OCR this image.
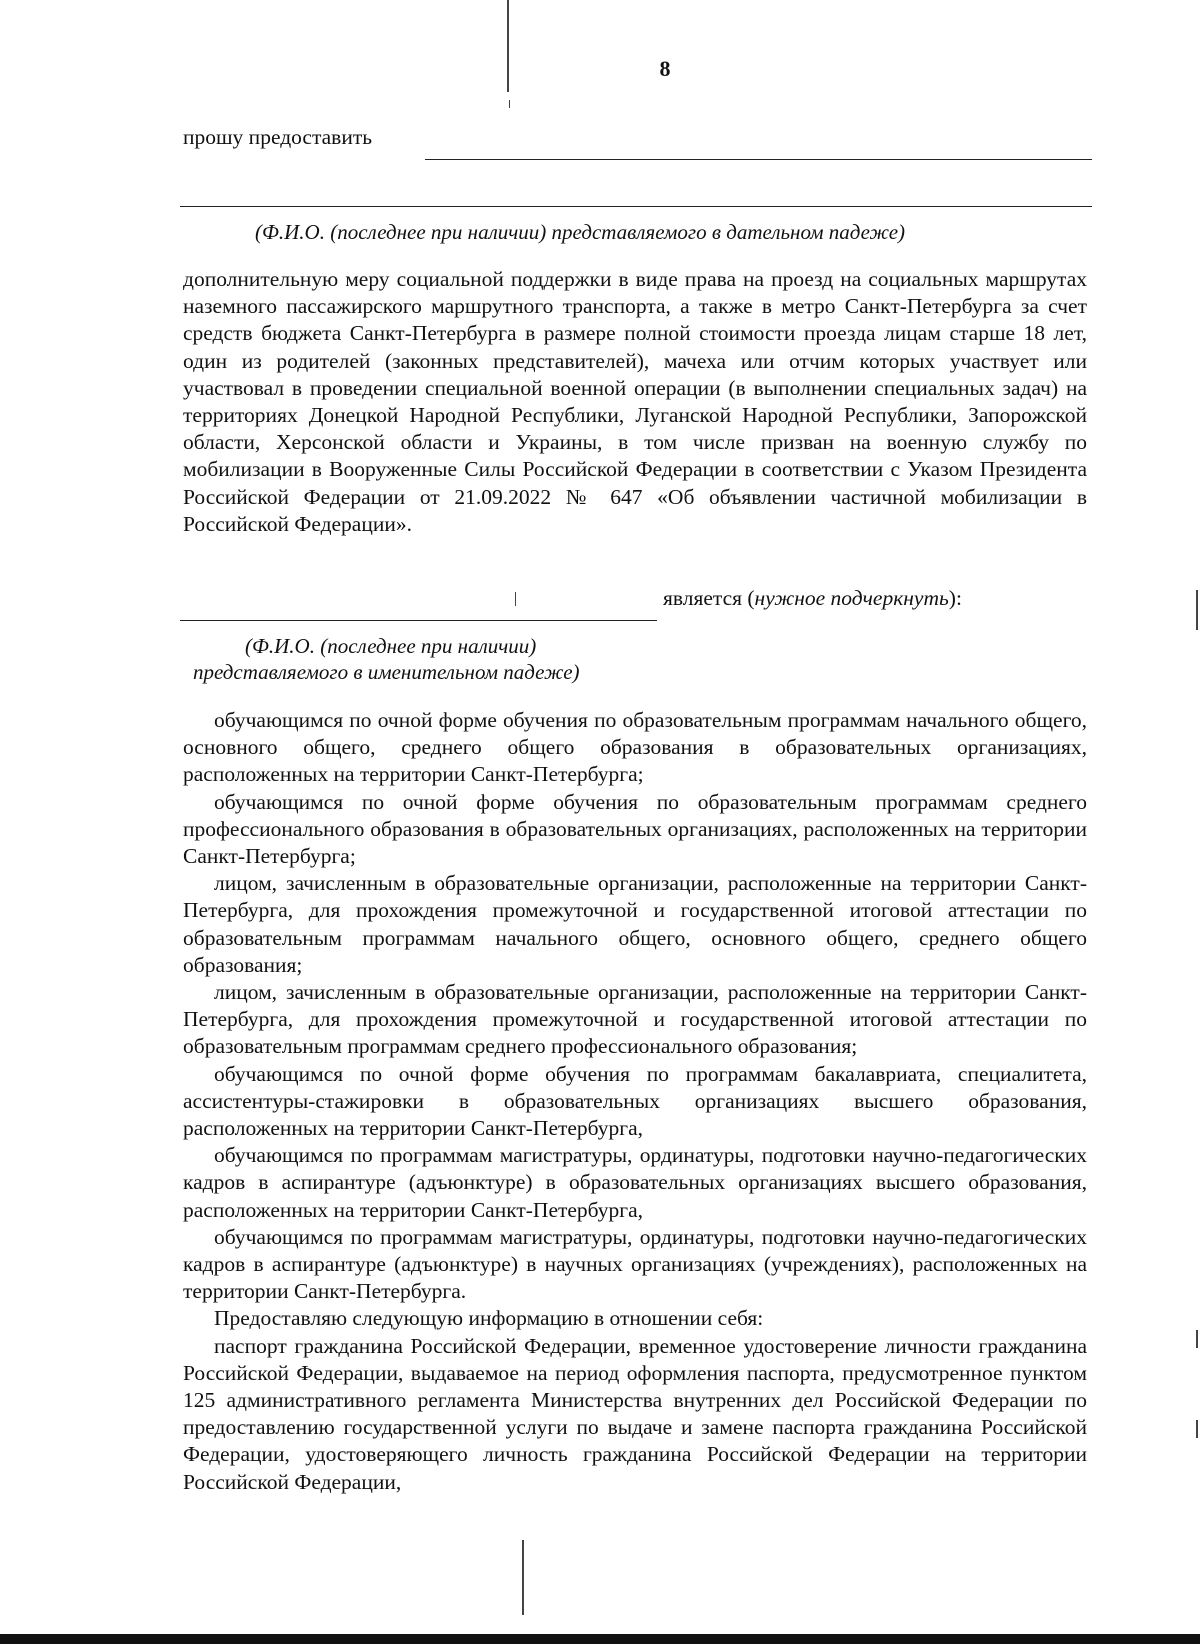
8
прошу предоставить
(Ф.И.О. (последнее при наличии) представляемого в дательном падеже)

дополнительную меру социальной поддержки в виде права на проезд на социальных маршрутах наземного пассажирского маршрутного транспорта, а также в метро Санкт-Петербурга за счет средств бюджета Санкт-Петербурга в размере полной стоимости проезда лицам старше 18 лет, один из родителей (законных представителей), мачеха или отчим которых участвует или участвовал в проведении специальной военной операции (в выполнении специальных задач) на территориях Донецкой Народной Республики, Луганской Народной Республики, Запорожской области, Херсонской области и Украины, в том числе призван на военную службу по мобилизации в Вооруженные Силы Российской Федерации в соответствии с Указом Президента Российской Федерации от 21.09.2022 № 647 «Об объявлении частичной мобилизации в Российской Федерации».

является (нужное подчеркнуть):
(Ф.И.О. (последнее при наличии)
представляемого в именительном падеже)

обучающимся по очной форме обучения по образовательным программам начального общего, основного общего, среднего общего образования в образовательных организациях, расположенных на территории Санкт-Петербурга;

обучающимся по очной форме обучения по образовательным программам среднего профессионального образования в образовательных организациях, расположенных на территории Санкт-Петербурга;

лицом, зачисленным в образовательные организации, расположенные на территории Санкт-Петербурга, для прохождения промежуточной и государственной итоговой аттестации по образовательным программам начального общего, основного общего, среднего общего образования;

лицом, зачисленным в образовательные организации, расположенные на территории Санкт-Петербурга, для прохождения промежуточной и государственной итоговой аттестации по образовательным программам среднего профессионального образования;

обучающимся по очной форме обучения по программам бакалавриата, специалитета, ассистентуры-стажировки в образовательных организациях высшего образования, расположенных на территории Санкт-Петербурга,

обучающимся по программам магистратуры, ординатуры, подготовки научно-педагогических кадров в аспирантуре (адъюнктуре) в образовательных организациях высшего образования, расположенных на территории Санкт-Петербурга,

обучающимся по программам магистратуры, ординатуры, подготовки научно-педагогических кадров в аспирантуре (адъюнктуре) в научных организациях (учреждениях), расположенных на территории Санкт-Петербурга.

Предоставляю следующую информацию в отношении себя:

паспорт гражданина Российской Федерации, временное удостоверение личности гражданина Российской Федерации, выдаваемое на период оформления паспорта, предусмотренное пунктом 125 административного регламента Министерства внутренних дел Российской Федерации по предоставлению государственной услуги по выдаче и замене паспорта гражданина Российской Федерации, удостоверяющего личность гражданина Российской Федерации на территории Российской Федерации,
